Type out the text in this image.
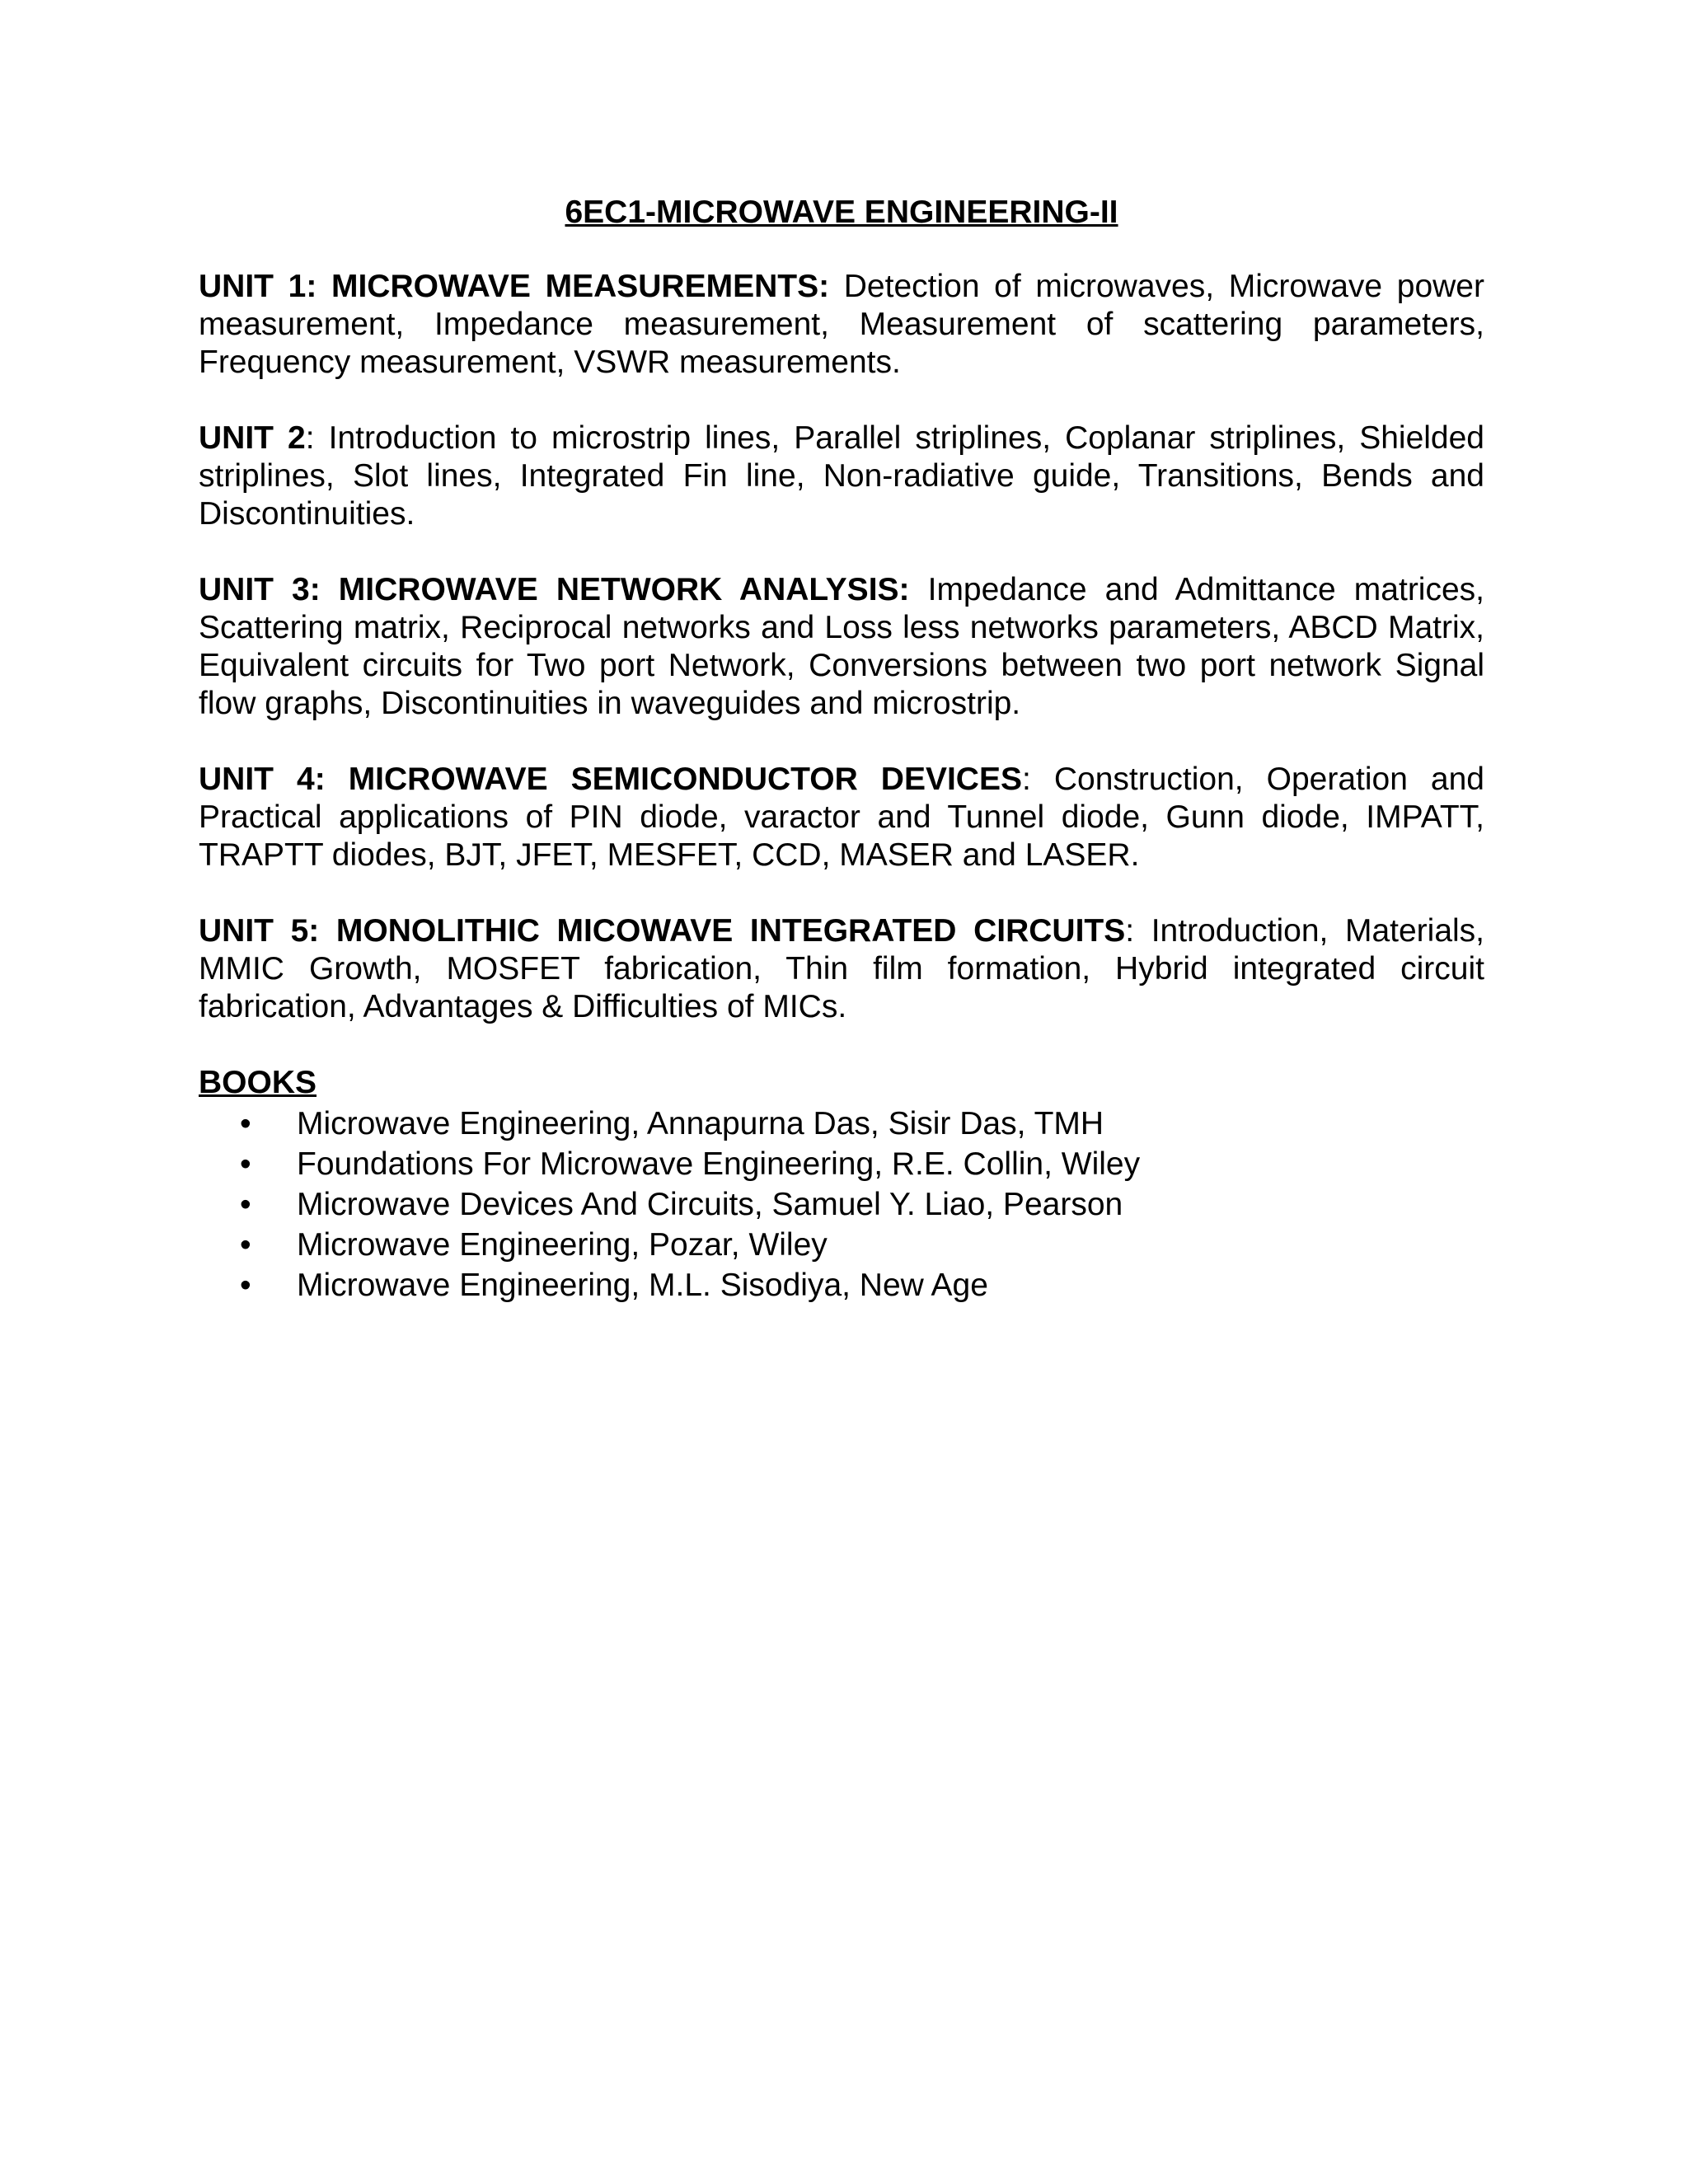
6EC1-MICROWAVE ENGINEERING-II

UNIT 1: MICROWAVE MEASUREMENTS: Detection of microwaves, Microwave power measurement, Impedance measurement, Measurement of scattering parameters, Frequency measurement, VSWR measurements.

UNIT 2: Introduction to microstrip lines, Parallel striplines, Coplanar striplines, Shielded striplines, Slot lines, Integrated Fin line, Non-radiative guide, Transitions, Bends and Discontinuities.

UNIT 3: MICROWAVE NETWORK ANALYSIS: Impedance and Admittance matrices, Scattering matrix, Reciprocal networks and Loss less networks parameters, ABCD Matrix, Equivalent circuits for Two port Network, Conversions between two port network Signal flow graphs, Discontinuities in waveguides and microstrip.

UNIT 4: MICROWAVE SEMICONDUCTOR DEVICES: Construction, Operation and Practical applications of PIN diode, varactor and Tunnel diode, Gunn diode, IMPATT, TRAPTT diodes, BJT, JFET, MESFET, CCD, MASER and LASER.

UNIT 5: MONOLITHIC MICOWAVE INTEGRATED CIRCUITS: Introduction, Materials, MMIC Growth, MOSFET fabrication, Thin film formation, Hybrid integrated circuit fabrication, Advantages & Difficulties of MICs.

BOOKS
• Microwave Engineering, Annapurna Das, Sisir Das, TMH
• Foundations For Microwave Engineering, R.E. Collin, Wiley
• Microwave Devices And Circuits, Samuel Y. Liao, Pearson
• Microwave Engineering, Pozar, Wiley
• Microwave Engineering, M.L. Sisodiya, New Age
